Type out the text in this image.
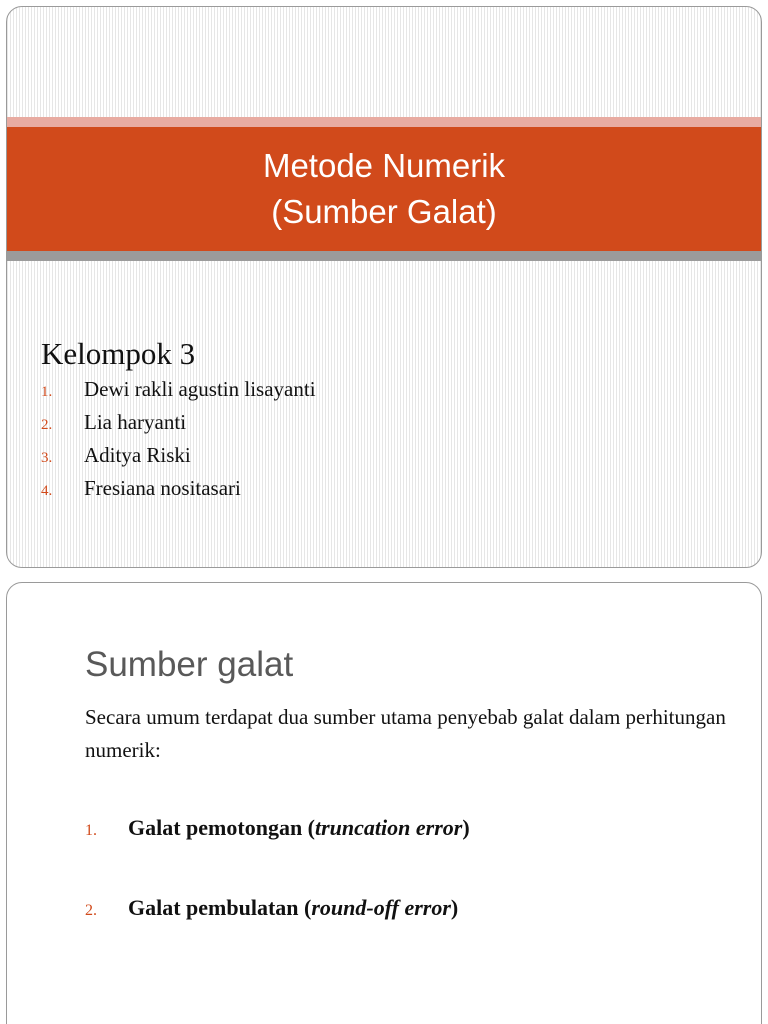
Metode Numerik
(Sumber Galat)
Kelompok 3
1.	Dewi rakli agustin lisayanti
2.	Lia haryanti
3.	Aditya Riski
4.	Fresiana nositasari
Sumber galat
Secara umum terdapat dua sumber utama penyebab galat dalam perhitungan numerik:
1.	Galat pemotongan ( truncation error )
2.	Galat pembulatan ( round-off error )
